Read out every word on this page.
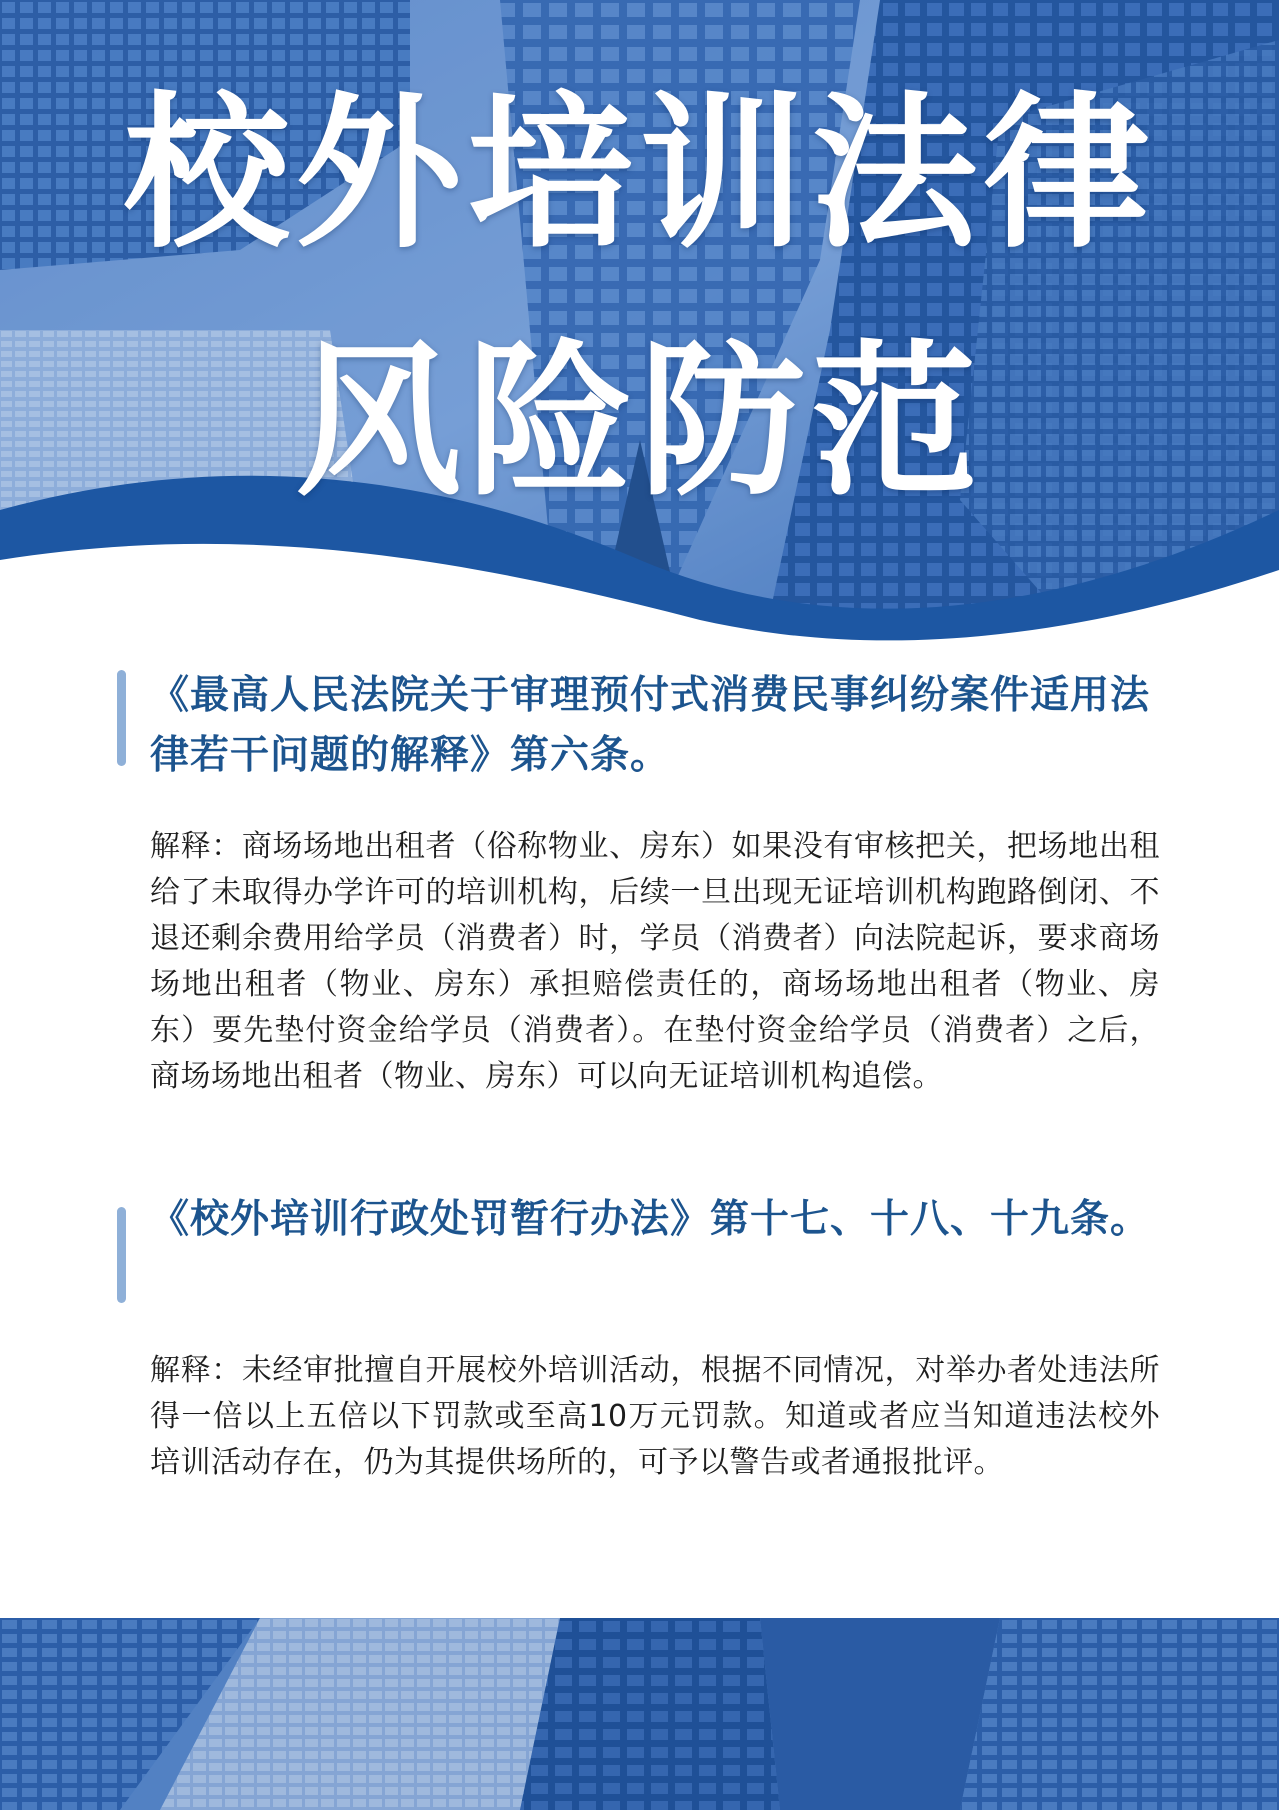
校外培训法律
风险防范
《最高人民法院关于审理预付式消费民事纠纷案件适用法律若干问题的解释》第六条。
解释：商场场地出租者（俗称物业、房东）如果没有审核把关，把场地出租给了未取得办学许可的培训机构，后续一旦出现无证培训机构跑路倒闭、不退还剩余费用给学员（消费者）时，学员（消费者）向法院起诉，要求商场场地出租者（物业、房东）承担赔偿责任的，商场场地出租者（物业、房东）要先垫付资金给学员（消费者）。在垫付资金给学员（消费者）之后，商场场地出租者（物业、房东）可以向无证培训机构追偿。
《校外培训行政处罚暂行办法》第十七、十八、十九条。
解释：未经审批擅自开展校外培训活动，根据不同情况，对举办者处违法所得一倍以上五倍以下罚款或至高10万元罚款。知道或者应当知道违法校外培训活动存在，仍为其提供场所的，可予以警告或者通报批评。
